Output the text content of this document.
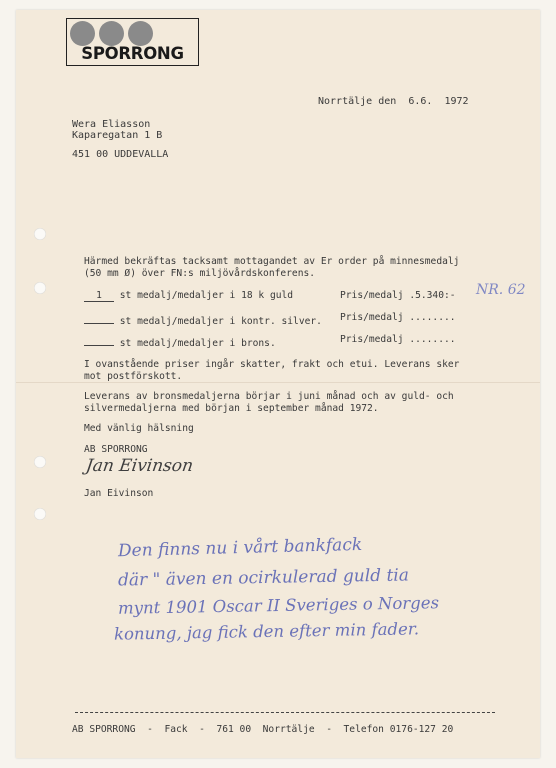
SPORRONG
Norrtälje den 6.6. 1972
Wera Eliasson
Kaparegatan 1 B
451 00 UDDEVALLA
Härmed bekräftas tacksamt mottagandet av Er order på minnesmedalj
(50 mm Ø) över FN:s miljövårdskonferens.
1 st medalj/medaljer i 18 k guld	Pris/medalj .5.340:-
st medalj/medaljer i kontr. silver. Pris/medalj ........
st medalj/medaljer i brons.	Pris/medalj ........
NR. 62
I ovanstående priser ingår skatter, frakt och etui. Leverans sker
mot postförskott.
Leverans av bronsmedaljerna börjar i juni månad och av guld- och
silvermedaljerna med början i september månad 1972.
Med vänlig hälsning
AB SPORRONG
Jan Eivinson
Jan Eivinson
Den finns nu i vårt bankfack
där " även en ocirkulerad guld tia
mynt 1901 Oscar II Sveriges o Norges
konung, jag fick den efter min fader.
AB SPORRONG  -  Fack  -  761 00 Norrtälje  -  Telefon 0176-127 20
